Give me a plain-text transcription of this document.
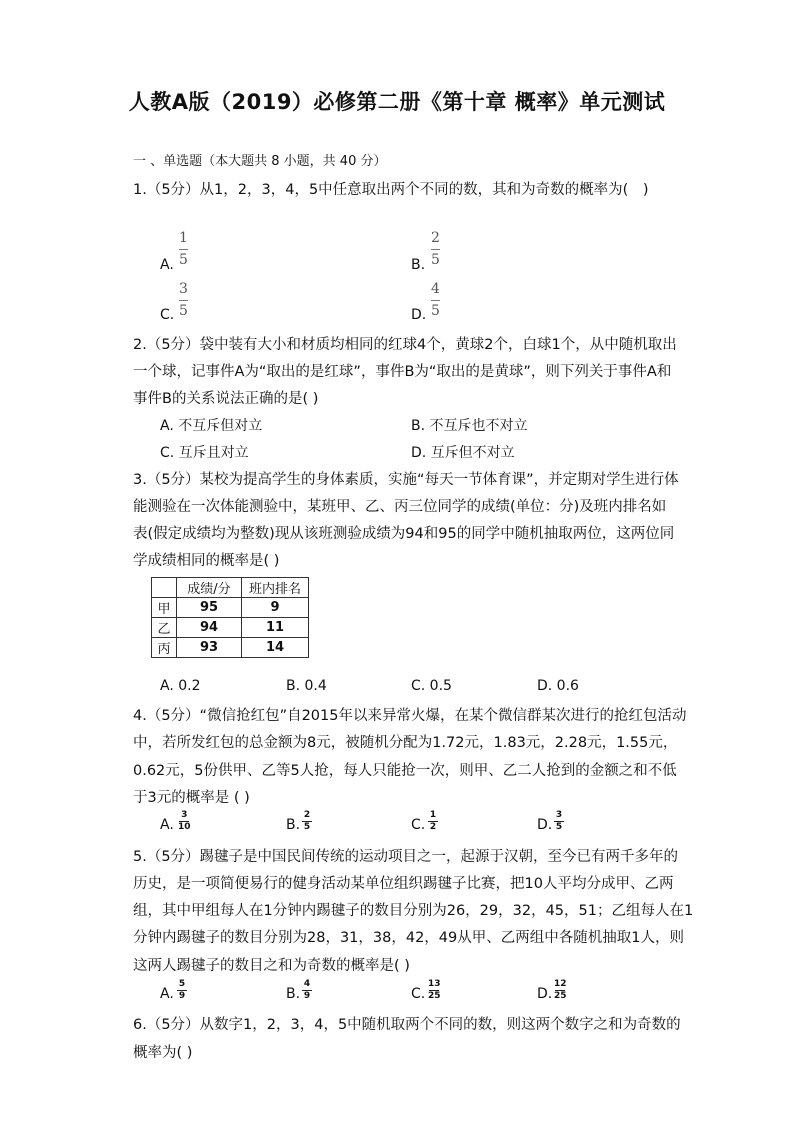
人教A版（2019）必修第二册《第十章 概率》单元测试
一 、单选题（本大题共 8 小题，共 40 分）
1.（5分）从1，2，3，4，5中任意取出两个不同的数，其和为奇数的概率为(　)
A.
1
5	B.
2
5
C.
3
5	D.
4
5
2.（5分）袋中装有大小和材质均相同的红球4个，黄球2个，白球1个，从中随机取出
一个球，记事件A为“取出的是红球”，事件B为“取出的是黄球”，则下列关于事件A和
事件B的关系说法正确的是( )
A. 不互斥但对立	B. 不互斥也不对立
C. 互斥且对立	D. 互斥但不对立
3.（5分）某校为提高学生的身体素质，实施“每天一节体育课”，并定期对学生进行体
能测验在一次体能测验中，某班甲、乙、丙三位同学的成绩(单位：分)及班内排名如
表(假定成绩均为整数)现从该班测验成绩为94和95的同学中随机抽取两位，这两位同
学成绩相同的概率是( )
	成绩/分	班内排名
甲	95	9
乙	94	11
丙	93	14
A. 0.2	B. 0.4	C. 0.5	D. 0.6
4.（5分）“微信抢红包”自2015年以来异常火爆，在某个微信群某次进行的抢红包活动
中，若所发红包的总金额为8元，被随机分配为1.72元，1.83元，2.28元，1.55元，
0.62元，5份供甲、乙等5人抢，每人只能抢一次，则甲、乙二人抢到的金额之和不低
于3元的概率是 ( )
A.
3
10	B.
2
5	C.
1
2	D.
3
5
5.（5分）踢毽子是中国民间传统的运动项目之一，起源于汉朝，至今已有两千多年的
历史，是一项简便易行的健身活动某单位组织踢毽子比赛，把10人平均分成甲、乙两
组，其中甲组每人在1分钟内踢毽子的数目分别为26，29，32，45，51；乙组每人在1
分钟内踢毽子的数目分别为28，31，38，42，49从甲、乙两组中各随机抽取1人，则
这两人踢毽子的数目之和为奇数的概率是( )
A.
5
9	B.
4
9	C.
13
25	D.
12
25
6.（5分）从数字1，2，3，4，5中随机取两个不同的数，则这两个数字之和为奇数的
概率为( )
